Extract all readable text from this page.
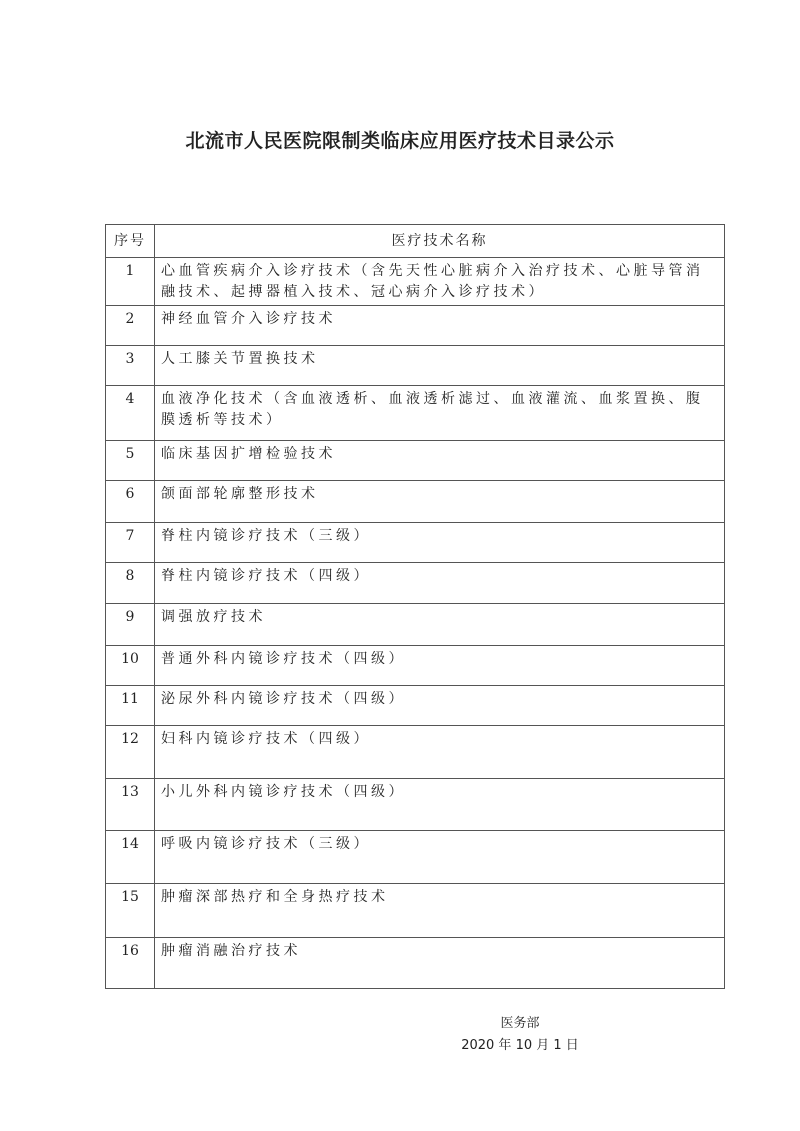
北流市人民医院限制类临床应用医疗技术目录公示
序号	医疗技术名称
1	心血管疾病介入诊疗技术（含先天性心脏病介入治疗技术、心脏导管消融技术、起搏器植入技术、冠心病介入诊疗技术）
2	神经血管介入诊疗技术
3	人工膝关节置换技术
4	血液净化技术（含血液透析、血液透析滤过、血液灌流、血浆置换、腹膜透析等技术）
5	临床基因扩增检验技术
6	颌面部轮廓整形技术
7	脊柱内镜诊疗技术（三级）
8	脊柱内镜诊疗技术（四级）
9	调强放疗技术
10	普通外科内镜诊疗技术（四级）
11	泌尿外科内镜诊疗技术（四级）
12	妇科内镜诊疗技术（四级）
13	小儿外科内镜诊疗技术（四级）
14	呼吸内镜诊疗技术（三级）
15	肿瘤深部热疗和全身热疗技术
16	肿瘤消融治疗技术
医务部
2020 年 10 月 1 日
